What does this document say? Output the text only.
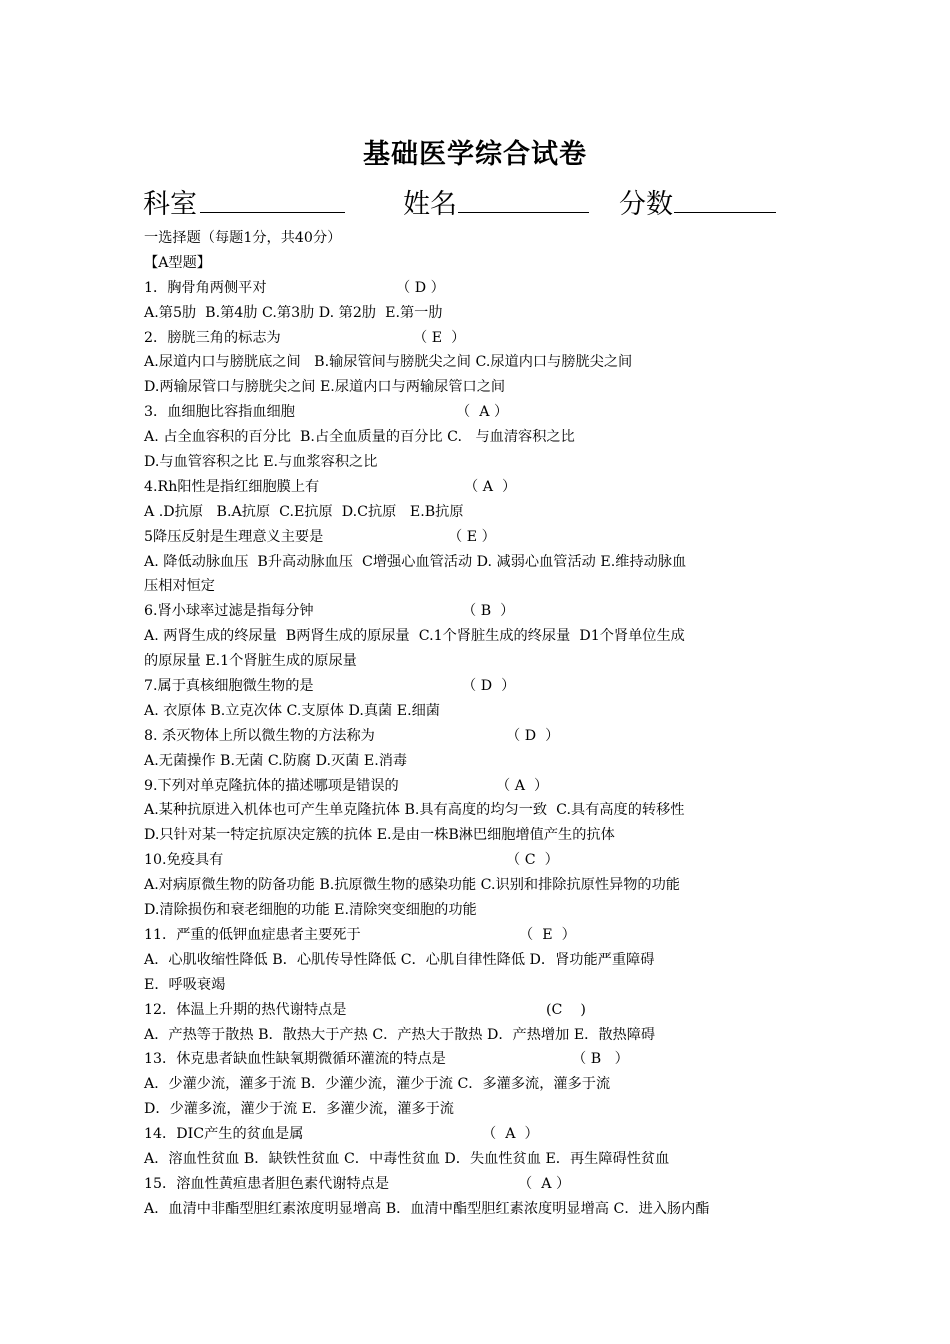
基础医学综合试卷
科室	姓名	分数
一选择题（每题1分，共40分）
【A型题】
1．胸骨角两侧平对	（ D ）
A.第5肋  B.第4肋 C.第3肋 D. 第2肋  E.第一肋
2．膀胱三角的标志为	（ E  ）
A.尿道内口与膀胱底之间   B.输尿管间与膀胱尖之间 C.尿道内口与膀胱尖之间
D.两输尿管口与膀胱尖之间 E.尿道内口与两输尿管口之间
3．血细胞比容指血细胞	（  A ）
A. 占全血容积的百分比  B.占全血质量的百分比 C.   与血清容积之比
D.与血管容积之比 E.与血浆容积之比
4.Rh阳性是指红细胞膜上有	（ A  ）
A .D抗原   B.A抗原  C.E抗原  D.C抗原   E.B抗原
5降压反射是生理意义主要是	（ E ）
A. 降低动脉血压  B升高动脉血压  C增强心血管活动 D. 减弱心血管活动 E.维持动脉血
压相对恒定
6.肾小球率过滤是指每分钟	（ B  ）
A. 两肾生成的终尿量  B两肾生成的原尿量  C.1个肾脏生成的终尿量  D1个肾单位生成
的原尿量 E.1个肾脏生成的原尿量
7.属于真核细胞微生物的是	（ D  ）
A. 衣原体 B.立克次体 C.支原体 D.真菌 E.细菌
8. 杀灭物体上所以微生物的方法称为	（ D  ）
A.无菌操作 B.无菌 C.防腐 D.灭菌 E.消毒
9.下列对单克隆抗体的描述哪项是错误的	（ A  ）
A.某种抗原进入机体也可产生单克隆抗体 B.具有高度的均匀一致  C.具有高度的转移性
D.只针对某一特定抗原决定簇的抗体 E.是由一株B淋巴细胞增值产生的抗体
10.免疫具有	（ C  ）
A.对病原微生物的防备功能 B.抗原微生物的感染功能 C.识别和排除抗原性异物的功能
D.清除损伤和衰老细胞的功能 E.清除突变细胞的功能
11．严重的低钾血症患者主要死于	（  E  ）
A．心肌收缩性降低 B．心肌传导性降低 C．心肌自律性降低 D．肾功能严重障碍
E．呼吸衰竭
12．体温上升期的热代谢特点是	(C    )
A．产热等于散热 B．散热大于产热 C．产热大于散热 D．产热增加 E．散热障碍
13．休克患者缺血性缺氧期微循环灌流的特点是	（ B   ）
A．少灌少流，灌多于流 B．少灌少流，灌少于流 C．多灌多流，灌多于流
D．少灌多流，灌少于流 E．多灌少流，灌多于流
14．DIC产生的贫血是属	（  A  ）
A．溶血性贫血 B．缺铁性贫血 C．中毒性贫血 D．失血性贫血 E．再生障碍性贫血
15．溶血性黄疸患者胆色素代谢特点是	（  A ）
A．血清中非酯型胆红素浓度明显增高 B．血清中酯型胆红素浓度明显增高 C．进入肠内酯
